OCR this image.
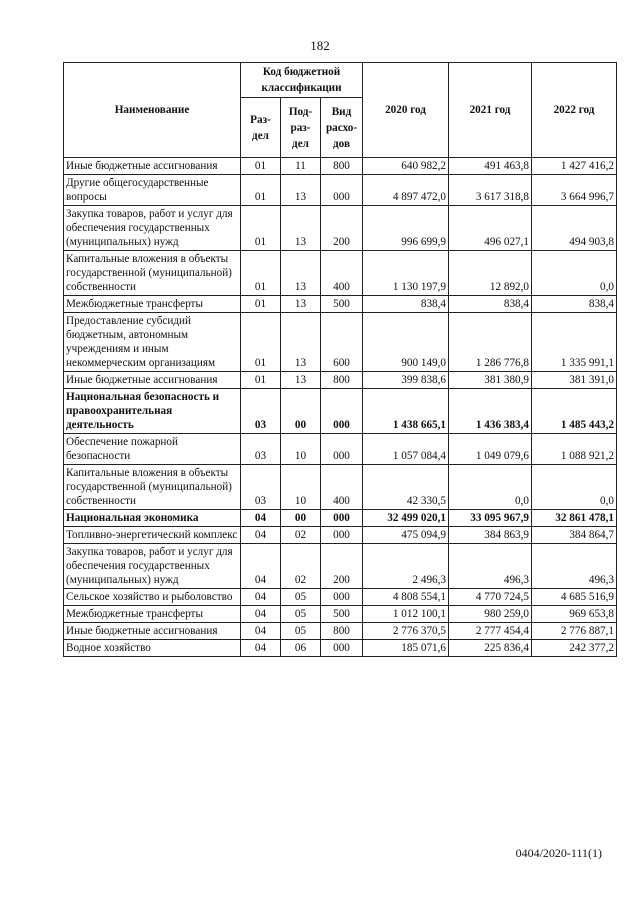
182
Наименование	Код бюджетной классификации			2020 год	2021 год	2022 год
	Раз-дел	Под-раз-дел	Вид расхо-дов			
Иные бюджетные ассигнования	01	11	800	640 982,2	491 463,8	1 427 416,2
Другие общегосударственные вопросы	01	13	000	4 897 472,0	3 617 318,8	3 664 996,7
Закупка товаров, работ и услуг для обеспечения государственных (муниципальных) нужд	01	13	200	996 699,9	496 027,1	494 903,8
Капитальные вложения в объекты государственной (муниципальной) собственности	01	13	400	1 130 197,9	12 892,0	0,0
Межбюджетные трансферты	01	13	500	838,4	838,4	838,4
Предоставление субсидий бюджетным, автономным учреждениям и иным некоммерческим организациям	01	13	600	900 149,0	1 286 776,8	1 335 991,1
Иные бюджетные ассигнования	01	13	800	399 838,6	381 380,9	381 391,0
Национальная безопасность и правоохранительная деятельность	03	00	000	1 438 665,1	1 436 383,4	1 485 443,2
Обеспечение пожарной безопасности	03	10	000	1 057 084,4	1 049 079,6	1 088 921,2
Капитальные вложения в объекты государственной (муниципальной) собственности	03	10	400	42 330,5	0,0	0,0
Национальная экономика	04	00	000	32 499 020,1	33 095 967,9	32 861 478,1
Топливно-энергетический комплекс	04	02	000	475 094,9	384 863,9	384 864,7
Закупка товаров, работ и услуг для обеспечения государственных (муниципальных) нужд	04	02	200	2 496,3	496,3	496,3
Сельское хозяйство и рыболовство	04	05	000	4 808 554,1	4 770 724,5	4 685 516,9
Межбюджетные трансферты	04	05	500	1 012 100,1	980 259,0	969 653,8
Иные бюджетные ассигнования	04	05	800	2 776 370,5	2 777 454,4	2 776 887,1
Водное хозяйство	04	06	000	185 071,6	225 836,4	242 377,2
0404/2020-111(1)
